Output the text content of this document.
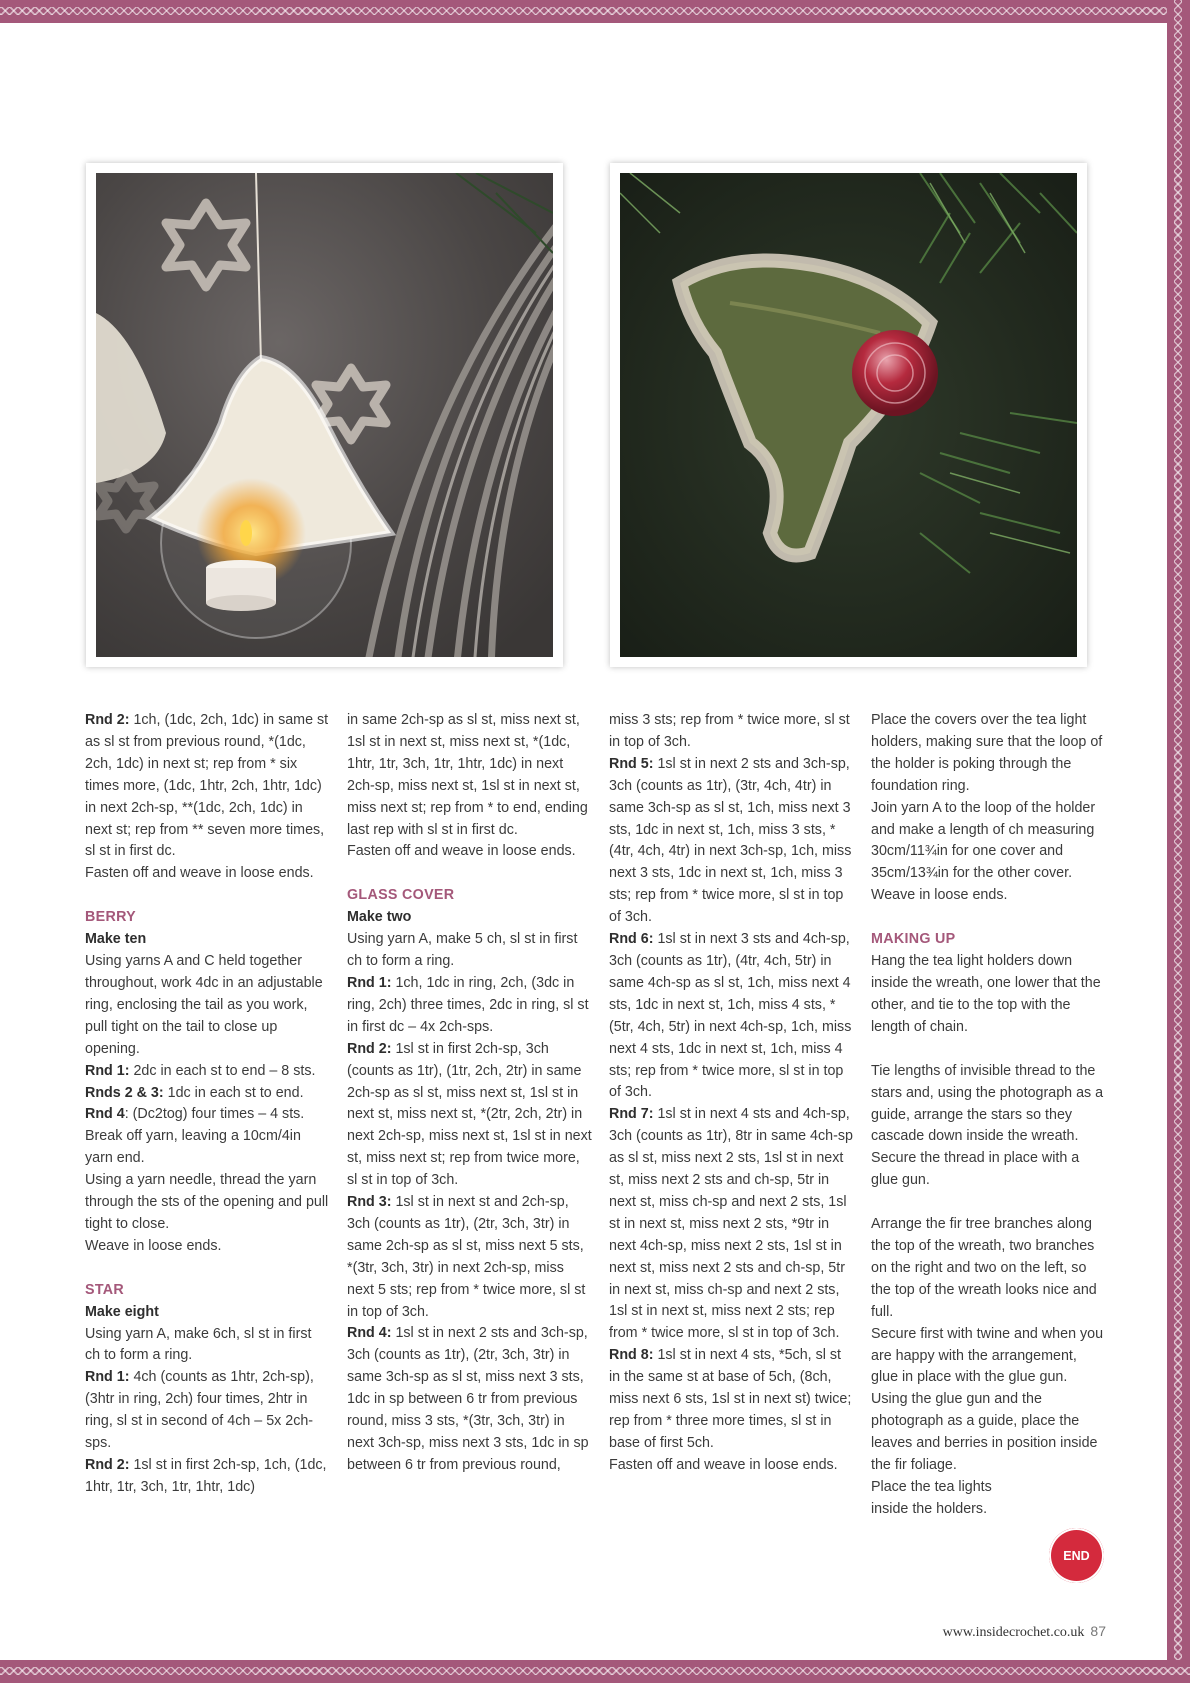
Rnd 2: 1ch, (1dc, 2ch, 1dc) in same st as sl st from previous round, *(1dc, 2ch, 1dc) in next st; rep from * six times more, (1dc, 1htr, 2ch, 1htr, 1dc) in next 2ch-sp, **(1dc, 2ch, 1dc) in next st; rep from ** seven more times, sl st in first dc.

Fasten off and weave in loose ends.

BERRY
Make ten

Using yarns A and C held together throughout, work 4dc in an adjustable ring, enclosing the tail as you work, pull tight on the tail to close up opening.

Rnd 1: 2dc in each st to end – 8 sts.

Rnds 2 & 3: 1dc in each st to end.

Rnd 4: (Dc2tog) four times – 4 sts.

Break off yarn, leaving a 10cm/4in yarn end.

Using a yarn needle, thread the yarn through the sts of the opening and pull tight to close.

Weave in loose ends.

STAR
Make eight

Using yarn A, make 6ch, sl st in first ch to form a ring.

Rnd 1: 4ch (counts as 1htr, 2ch-sp), (3htr in ring, 2ch) four times, 2htr in ring, sl st in second of 4ch – 5x 2ch-sps.

Rnd 2: 1sl st in first 2ch-sp, 1ch, (1dc, 1htr, 1tr, 3ch, 1tr, 1htr, 1dc)

in same 2ch-sp as sl st, miss next st, 1sl st in next st, miss next st, *(1dc, 1htr, 1tr, 3ch, 1tr, 1htr, 1dc) in next 2ch-sp, miss next st, 1sl st in next st, miss next st; rep from * to end, ending last rep with sl st in first dc.

Fasten off and weave in loose ends.

GLASS COVER
Make two

Using yarn A, make 5 ch, sl st in first ch to form a ring.

Rnd 1: 1ch, 1dc in ring, 2ch, (3dc in ring, 2ch) three times, 2dc in ring, sl st in first dc – 4x 2ch-sps.

Rnd 2: 1sl st in first 2ch-sp, 3ch (counts as 1tr), (1tr, 2ch, 2tr) in same 2ch-sp as sl st, miss next st, 1sl st in next st, miss next st, *(2tr, 2ch, 2tr) in next 2ch-sp, miss next st, 1sl st in next st, miss next st; rep from twice more, sl st in top of 3ch.

Rnd 3: 1sl st in next st and 2ch-sp, 3ch (counts as 1tr), (2tr, 3ch, 3tr) in same 2ch-sp as sl st, miss next 5 sts, *(3tr, 3ch, 3tr) in next 2ch-sp, miss next 5 sts; rep from * twice more, sl st in top of 3ch.

Rnd 4: 1sl st in next 2 sts and 3ch-sp, 3ch (counts as 1tr), (2tr, 3ch, 3tr) in same 3ch-sp as sl st, miss next 3 sts, 1dc in sp between 6 tr from previous round, miss 3 sts, *(3tr, 3ch, 3tr) in next 3ch-sp, miss next 3 sts, 1dc in sp between 6 tr from previous round,

miss 3 sts; rep from * twice more, sl st in top of 3ch.

Rnd 5: 1sl st in next 2 sts and 3ch-sp, 3ch (counts as 1tr), (3tr, 4ch, 4tr) in same 3ch-sp as sl st, 1ch, miss next 3 sts, 1dc in next st, 1ch, miss 3 sts, *(4tr, 4ch, 4tr) in next 3ch-sp, 1ch, miss next 3 sts, 1dc in next st, 1ch, miss 3 sts; rep from * twice more, sl st in top of 3ch.

Rnd 6: 1sl st in next 3 sts and 4ch-sp, 3ch (counts as 1tr), (4tr, 4ch, 5tr) in same 4ch-sp as sl st, 1ch, miss next 4 sts, 1dc in next st, 1ch, miss 4 sts, *(5tr, 4ch, 5tr) in next 4ch-sp, 1ch, miss next 4 sts, 1dc in next st, 1ch, miss 4 sts; rep from * twice more, sl st in top of 3ch.

Rnd 7: 1sl st in next 4 sts and 4ch-sp, 3ch (counts as 1tr), 8tr in same 4ch-sp as sl st, miss next 2 sts, 1sl st in next st, miss next 2 sts and ch-sp, 5tr in next st, miss ch-sp and next 2 sts, 1sl st in next st, miss next 2 sts, *9tr in next 4ch-sp, miss next 2 sts, 1sl st in next st, miss next 2 sts and ch-sp, 5tr in next st, miss ch-sp and next 2 sts, 1sl st in next st, miss next 2 sts; rep from * twice more, sl st in top of 3ch.

Rnd 8: 1sl st in next 4 sts, *5ch, sl st in the same st at base of 5ch, (8ch, miss next 6 sts, 1sl st in next st) twice; rep from * three more times, sl st in base of first 5ch.

Fasten off and weave in loose ends.

Place the covers over the tea light holders, making sure that the loop of the holder is poking through the foundation ring.

Join yarn A to the loop of the holder and make a length of ch measuring 30cm/11¾in for one cover and 35cm/13¾in for the other cover.

Weave in loose ends.

MAKING UP

Hang the tea light holders down inside the wreath, one lower that the other, and tie to the top with the length of chain.

Tie lengths of invisible thread to the stars and, using the photograph as a guide, arrange the stars so they cascade down inside the wreath.

Secure the thread in place with a glue gun.

Arrange the fir tree branches along the top of the wreath, two branches on the right and two on the left, so the top of the wreath looks nice and full.

Secure first with twine and when you are happy with the arrangement, glue in place with the glue gun.

Using the glue gun and the photograph as a guide, place the leaves and berries in position inside the fir foliage.

Place the tea lights

inside the holders.

END
www.insidecrochet.co.uk 87
